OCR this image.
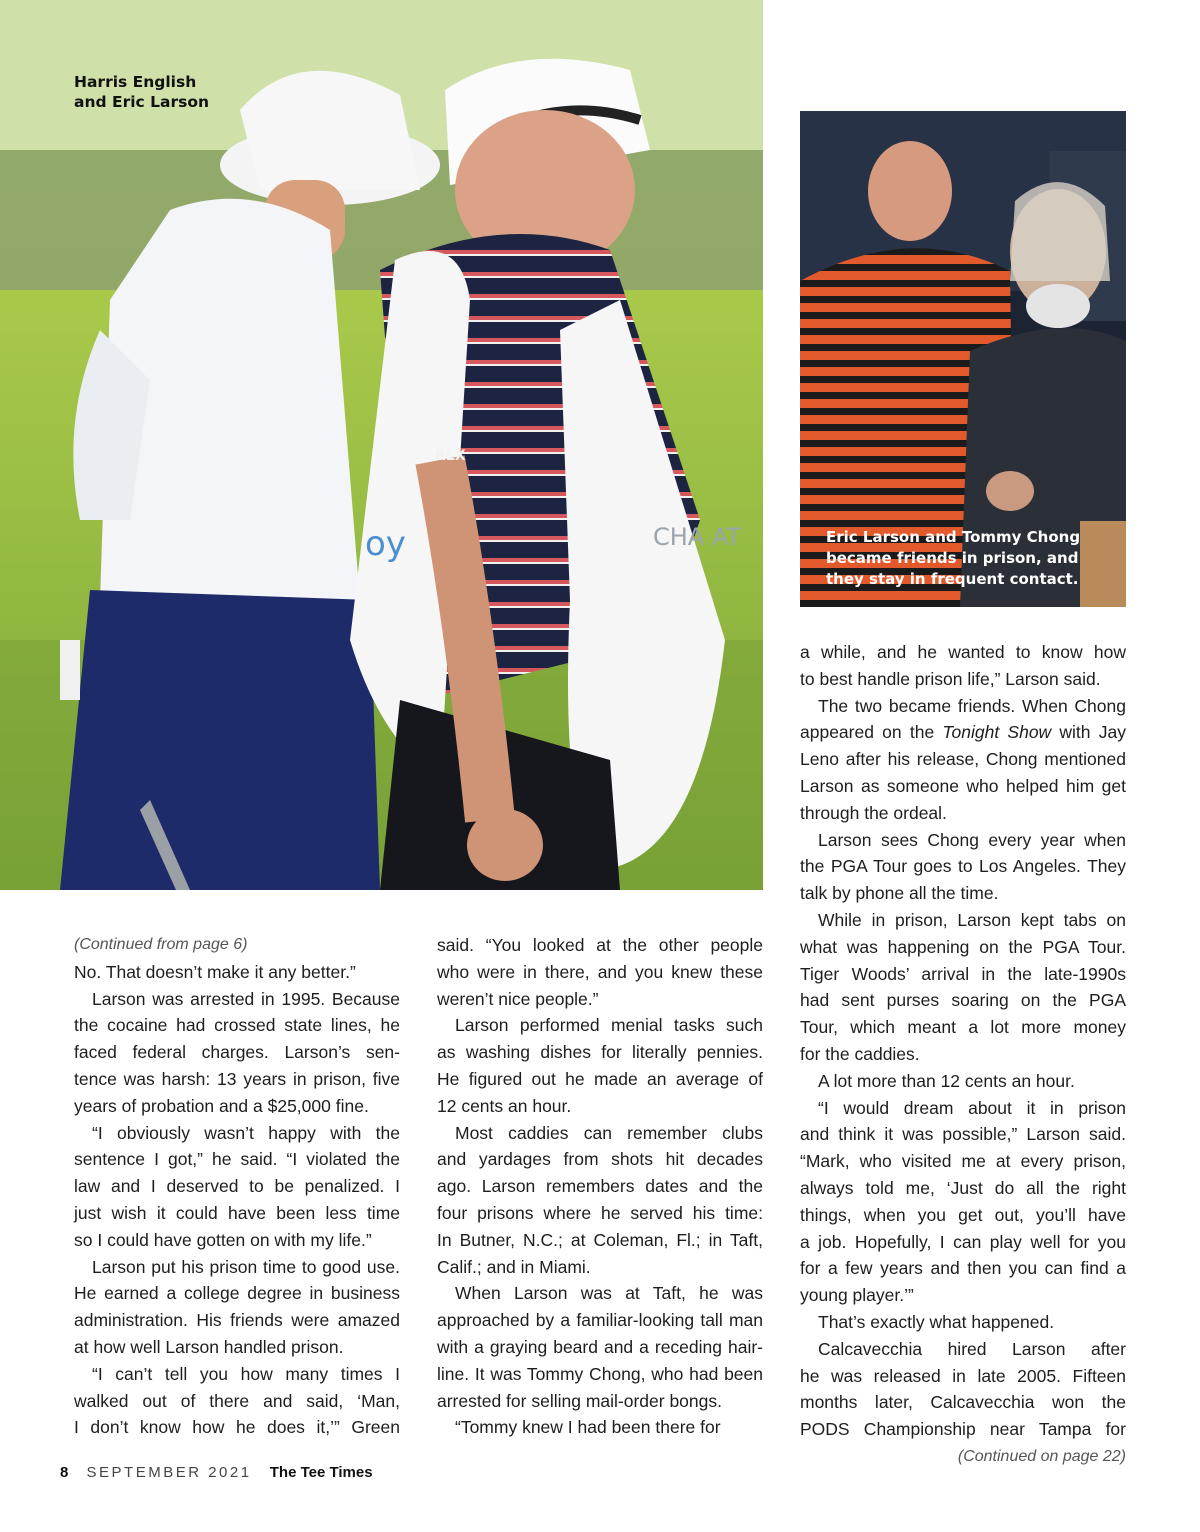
RLX
CHA AT
oy
Harris English
and Eric Larson
Eric Larson and Tommy Chong
became friends in prison, and
they stay in frequent contact.
(Continued from page 6)
No. That doesn’t make it any better.”
Larson was arrested in 1995. Because
the cocaine had crossed state lines, he
faced federal charges. Larson’s sen-
tence was harsh: 13 years in prison, five
years of probation and a $25,000 fine.
“I obviously wasn’t happy with the
sentence I got,” he said. “I violated the
law and I deserved to be penalized. I
just wish it could have been less time
so I could have gotten on with my life.”
Larson put his prison time to good use.
He earned a college degree in business
administration. His friends were amazed
at how well Larson handled prison.
“I can’t tell you how many times I
walked out of there and said, ‘Man,
I don’t know how he does it,’” Green
said. “You looked at the other people
who were in there, and you knew these
weren’t nice people.”
Larson performed menial tasks such
as washing dishes for literally pennies.
He figured out he made an average of
12 cents an hour.
Most caddies can remember clubs
and yardages from shots hit decades
ago. Larson remembers dates and the
four prisons where he served his time:
In Butner, N.C.; at Coleman, Fl.; in Taft,
Calif.; and in Miami.
When Larson was at Taft, he was
approached by a familiar-looking tall man
with a graying beard and a receding hair-
line. It was Tommy Chong, who had been
arrested for selling mail-order bongs.
“Tommy knew I had been there for
a while, and he wanted to know how
to best handle prison life,” Larson said.
The two became friends. When Chong
appeared on the Tonight Show with Jay
Leno after his release, Chong mentioned
Larson as someone who helped him get
through the ordeal.
Larson sees Chong every year when
the PGA Tour goes to Los Angeles. They
talk by phone all the time.
While in prison, Larson kept tabs on
what was happening on the PGA Tour.
Tiger Woods’ arrival in the late-1990s
had sent purses soaring on the PGA
Tour, which meant a lot more money
for the caddies.
A lot more than 12 cents an hour.
“I would dream about it in prison
and think it was possible,” Larson said.
“Mark, who visited me at every prison,
always told me, ‘Just do all the right
things, when you get out, you’ll have
a job. Hopefully, I can play well for you
for a few years and then you can find a
young player.’”
That’s exactly what happened.
Calcavecchia hired Larson after
he was released in late 2005. Fifteen
months later, Calcavecchia won the
PODS Championship near Tampa for
(Continued on page 22)
8 SEPTEMBER 2021 The Tee Times
